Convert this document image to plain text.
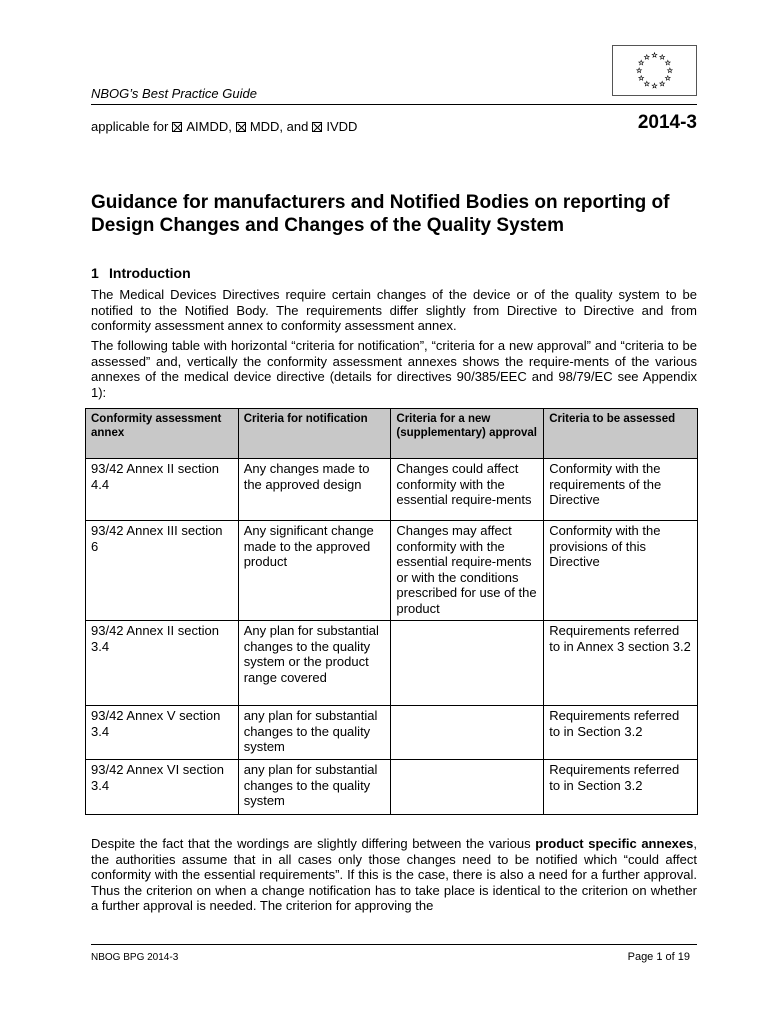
NBOG’s Best Practice Guide
applicable for AIMDD, MDD, and IVDD	2014-3
Guidance for manufacturers and Notified Bodies on reporting of Design Changes and Changes of the Quality System
1 Introduction
The Medical Devices Directives require certain changes of the device or of the quality system to be notified to the Notified Body. The requirements differ slightly from Directive to Directive and from conformity assessment annex to conformity assessment annex.
The following table with horizontal “criteria for notification”, “criteria for a new approval” and “criteria to be assessed” and, vertically the conformity assessment annexes shows the require-ments of the various annexes of the medical device directive (details for directives 90/385/EEC and 98/79/EC see Appendix 1):
Conformity assessment annex	Criteria for notification	Criteria for a new (supplementary) approval	Criteria to be assessed
93/42 Annex II section 4.4	Any changes made to the approved design	Changes could affect conformity with the essential require-ments	Conformity with the requirements of the Directive
93/42 Annex III section 6	Any significant change made to the approved product	Changes may affect conformity with the essential require-ments or with the conditions prescribed for use of the product	Conformity with the provisions of this Directive
93/42 Annex II section 3.4	Any plan for substantial changes to the quality system or the product range covered		Requirements referred to in Annex 3 section 3.2
93/42 Annex V section 3.4	any plan for substantial changes to the quality system		Requirements referred to in Section 3.2
93/42 Annex VI section 3.4	any plan for substantial changes to the quality system		Requirements referred to in Section 3.2
Despite the fact that the wordings are slightly differing between the various product specific annexes, the authorities assume that in all cases only those changes need to be notified which “could affect conformity with the essential requirements”. If this is the case, there is also a need for a further approval. Thus the criterion on when a change notification has to take place is identical to the criterion on whether a further approval is needed. The criterion for approving the
NBOG BPG 2014-3	Page 1 of 19
